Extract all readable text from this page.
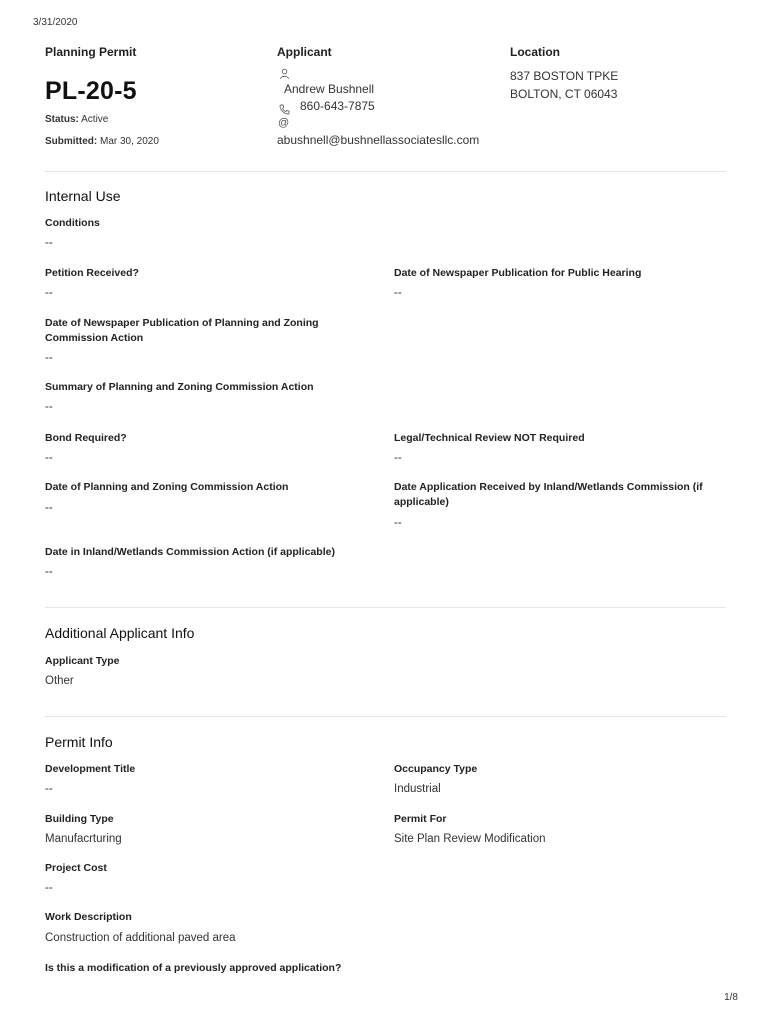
3/31/2020
Planning Permit
PL-20-5
Status: Active
Submitted: Mar 30, 2020
Applicant
Andrew Bushnell
860-643-7875
@
abushnell@bushnellassociatesllc.com
Location
837 BOSTON TPKE
BOLTON, CT 06043
Internal Use
Conditions
--
Petition Received?
--
Date of Newspaper Publication for Public Hearing
--
Date of Newspaper Publication of Planning and Zoning Commission Action
--
Summary of Planning and Zoning Commission Action
--
Bond Required?
--
Legal/Technical Review NOT Required
--
Date of Planning and Zoning Commission Action
--
Date Application Received by Inland/Wetlands Commission (if applicable)
--
Date in Inland/Wetlands Commission Action (if applicable)
--
Additional Applicant Info
Applicant Type
Other
Permit Info
Development Title
--
Occupancy Type
Industrial
Building Type
Manufacrturing
Permit For
Site Plan Review Modification
Project Cost
--
Work Description
Construction of additional paved area
Is this a modification of a previously approved application?
1/8
